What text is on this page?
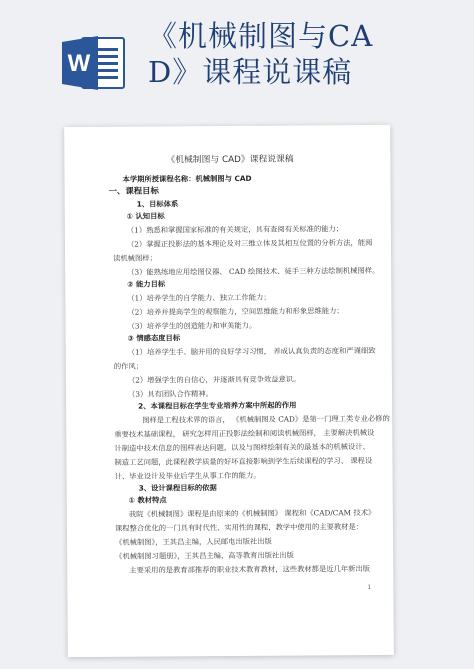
W
《机械制图与CA
D》课程说课稿
《机械制图与 CAD》课程说课稿
本学期所授课程名称：机械制图与 CAD
一、课程目标
1、目标体系
① 认知目标
（1）熟悉和掌握国家标准的有关规定，具有查阅有关标准的能力；
（2）掌握正投影法的基本理论及对三维立体及其相互位置的分析方法，能阅
读机械图样；
（3）能熟练地应用绘图仪器、 CAD 绘图技术、徒手三种方法绘制机械图样。
② 能力目标
（1）培养学生的自学能力、独立工作能力；
（2）培养并提高学生的观察能力，空间思维能力和形象思维能力；
（3）培养学生的创造能力和审美能力。
③ 情感态度目标
（1）培养学生手、脑并用的良好学习习惯， 养成认真负责的态度和严谨细致
的作风；
（2）增强学生的自信心，并逐渐具有竞争效益意识。
（3）具有团队合作精神。
2、本课程目标在学生专业培养方案中所起的作用
图样是工程技术界的语言， 《机械制图及 CAD》是第一门理工类专业必修的
重要技术基础课程， 研究怎样用正投影法绘制和阅读机械图样， 主要解决机械设
计制造中技术信息的图样表达问题，以及与图样绘制有关的最基本的机械设计、
制造工艺问题，此课程教学质量的好坏直接影响到学生后续课程的学习、 课程设
计、毕业设计及毕业后学生从事工作的能力。
3、设计课程目标的依据
① 教材特点
我院《机械制图》课程是由原来的《机械制图》 课程和《CAD/CAM 技术》
课程整合优化的一门具有时代性、实用性的课程，教学中使用的主要教材是：
《机械制图》，王其昌主编，人民邮电出版社出版
《机械制图习题册》，王其昌主编，高等教育出版社出版
主要采用的是教育部推荐的职业技术教育教材，这些教材都是近几年新出版
1
